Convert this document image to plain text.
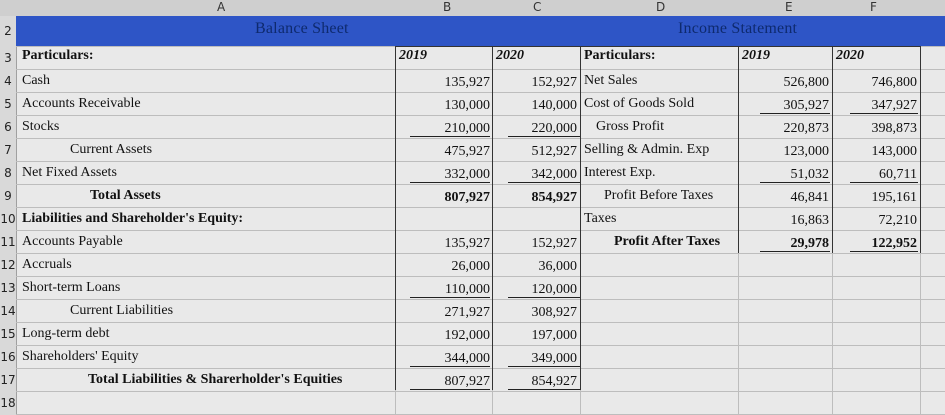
A	B	C	D	E	F
Balance Sheet	Income Statement
Particulars:	2019	2020
Cash	135,927	152,927
Accounts Receivable	130,000	140,000
Stocks	210,000	220,000
Current Assets	475,927	512,927
Net Fixed Assets	332,000	342,000
Total Assets	807,927	854,927
Liabilities and Shareholder's Equity:
Accounts Payable	135,927	152,927
Accruals	26,000	36,000
Short-term Loans	110,000	120,000
Current Liabilities	271,927	308,927
Long-term debt	192,000	197,000
Shareholders' Equity	344,000	349,000
Total Liabilities & Sharerholder's Equities	807,927	854,927
Particulars:	2019	2020
Net Sales	526,800	746,800
Cost of Goods Sold	305,927	347,927
Gross Profit	220,873	398,873
Selling & Admin. Exp	123,000	143,000
Interest Exp.	51,032	60,711
Profit Before Taxes	46,841	195,161
Taxes	16,863	72,210
Profit After Taxes	29,978	122,952
2
3
4
5
6
7
8
9
10
11
12
13
14
15
16
17
18
